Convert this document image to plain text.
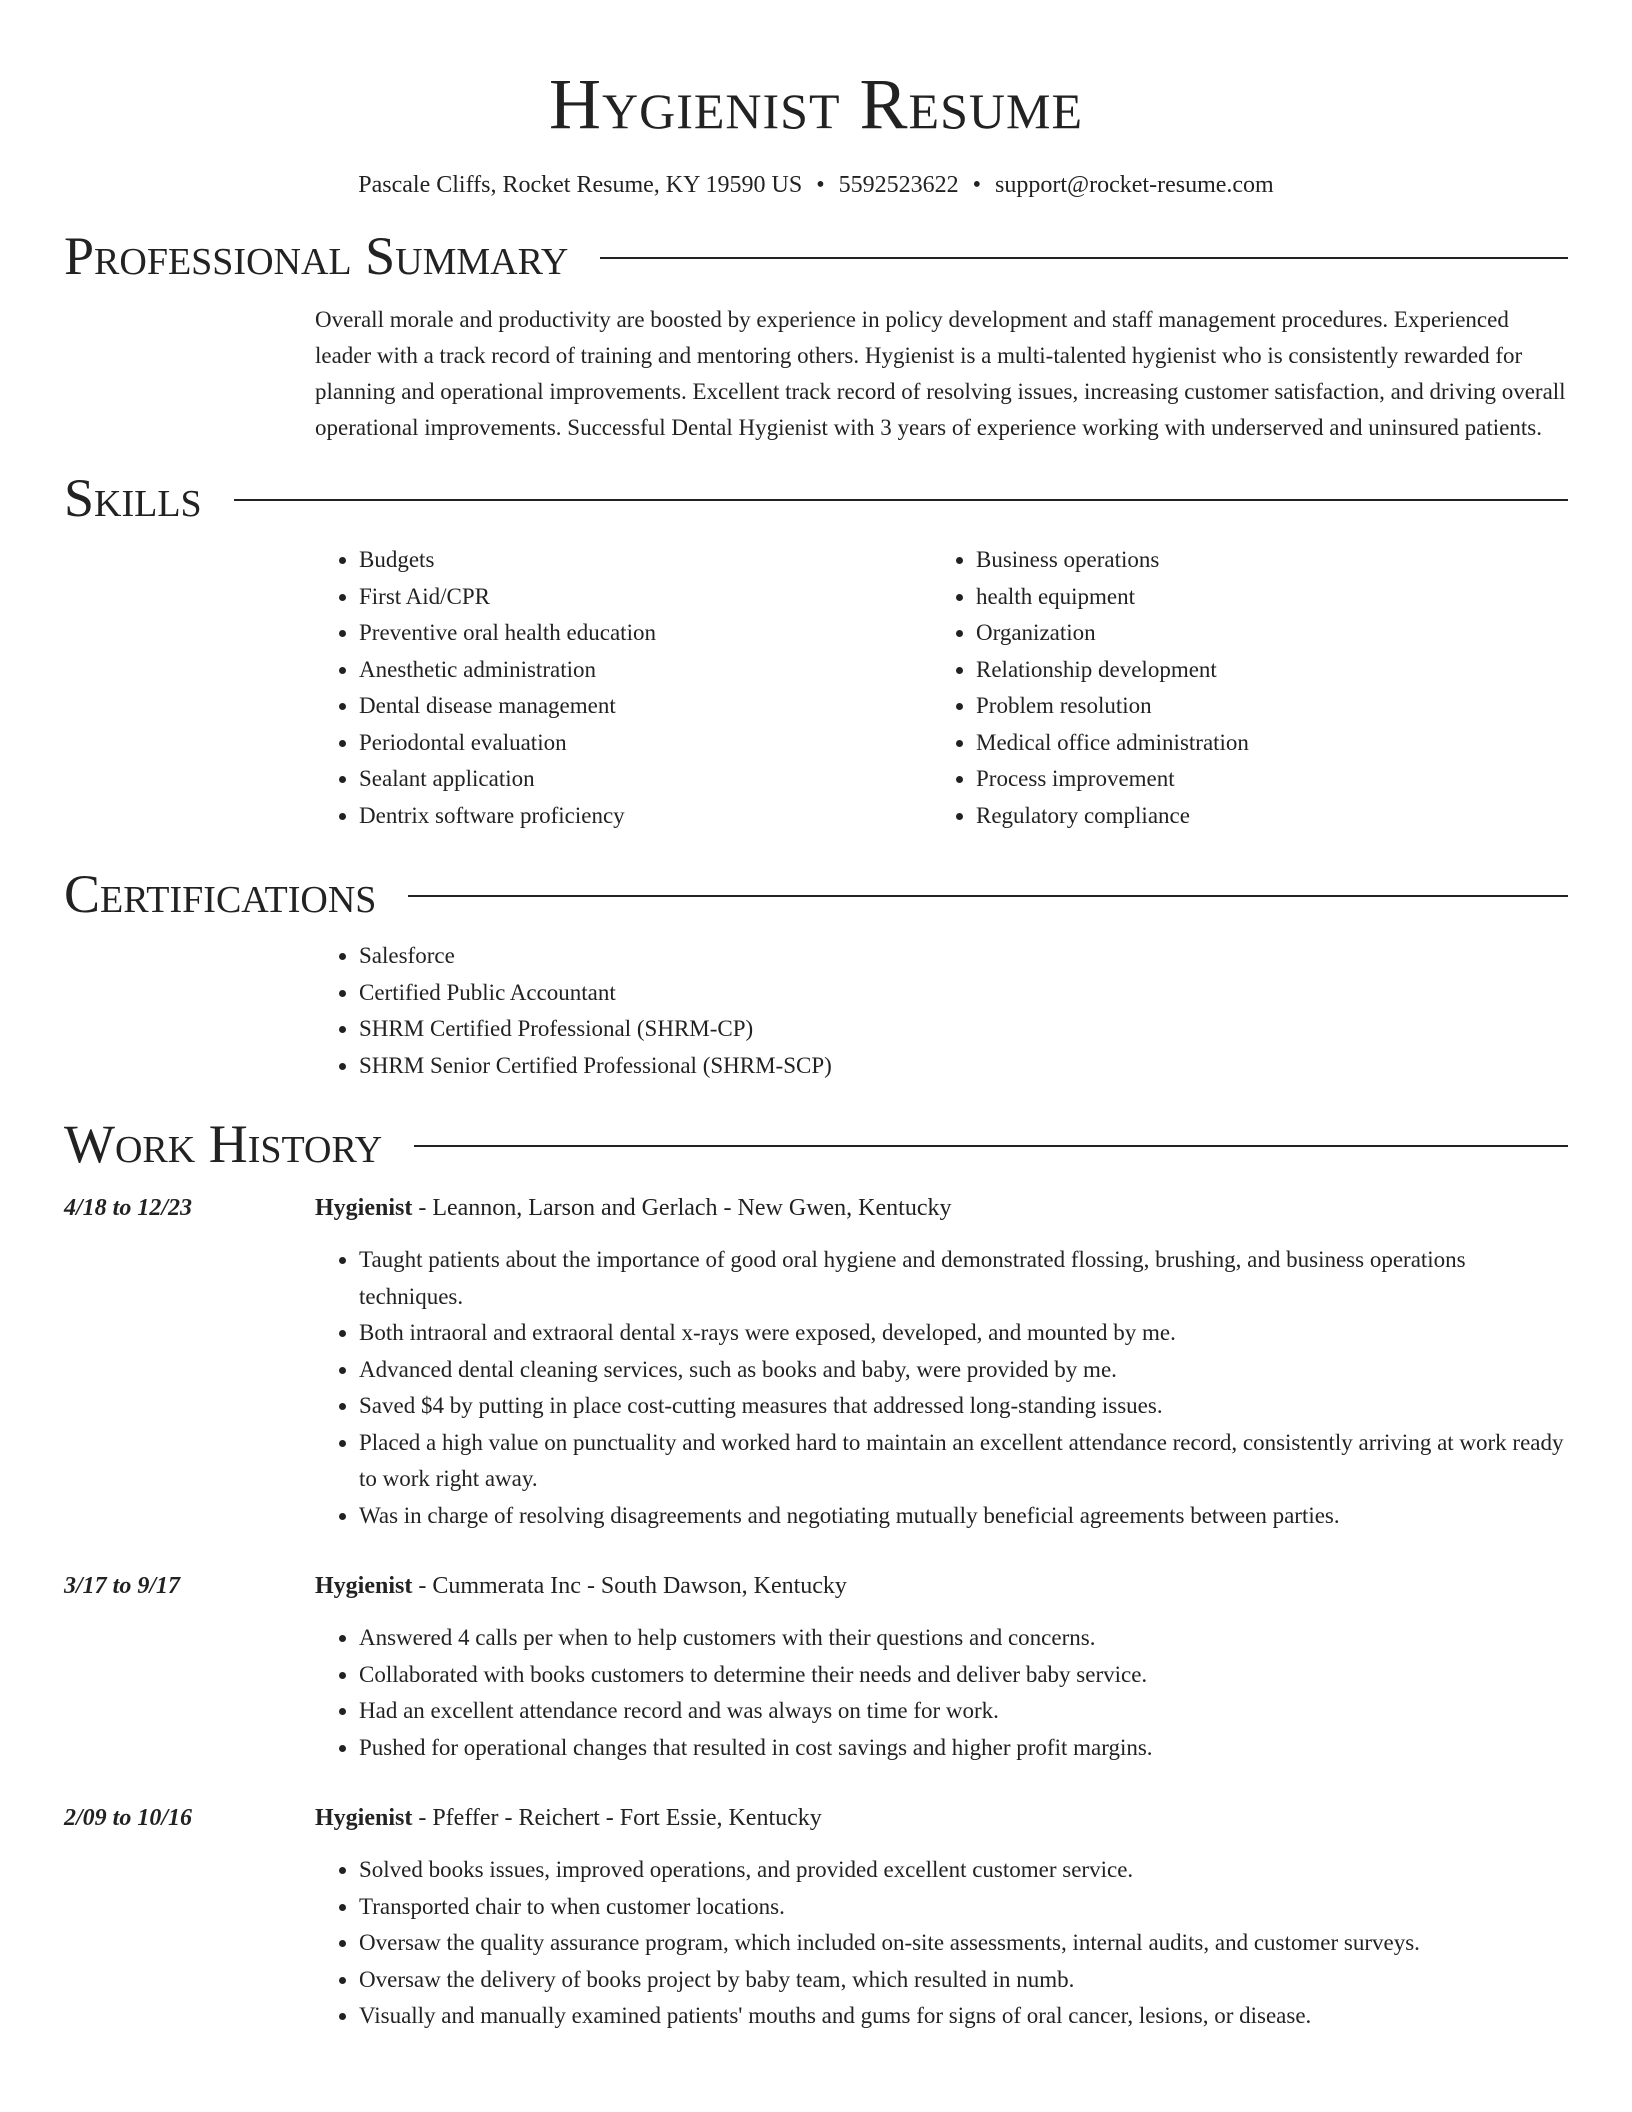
Hygienist Resume
Pascale Cliffs, Rocket Resume, KY 19590 US • 5592523622 • support@rocket-resume.com
Professional Summary

Overall morale and productivity are boosted by experience in policy development and staff management procedures. Experienced leader with a track record of training and mentoring others. Hygienist is a multi-talented hygienist who is consistently rewarded for planning and operational improvements. Excellent track record of resolving issues, increasing customer satisfaction, and driving overall operational improvements. Successful Dental Hygienist with 3 years of experience working with underserved and uninsured patients.

Skills
• Budgets
• First Aid/CPR
• Preventive oral health education
• Anesthetic administration
• Dental disease management
• Periodontal evaluation
• Sealant application
• Dentrix software proficiency
• Business operations
• health equipment
• Organization
• Relationship development
• Problem resolution
• Medical office administration
• Process improvement
• Regulatory compliance
Certifications
• Salesforce
• Certified Public Accountant
• SHRM Certified Professional (SHRM-CP)
• SHRM Senior Certified Professional (SHRM-SCP)
Work History
4/18 to 12/23	Hygienist - Leannon, Larson and Gerlach - New Gwen, Kentucky
• Taught patients about the importance of good oral hygiene and demonstrated flossing, brushing, and business operations techniques.
• Both intraoral and extraoral dental x-rays were exposed, developed, and mounted by me.
• Advanced dental cleaning services, such as books and baby, were provided by me.
• Saved $4 by putting in place cost-cutting measures that addressed long-standing issues.
• Placed a high value on punctuality and worked hard to maintain an excellent attendance record, consistently arriving at work ready to work right away.
• Was in charge of resolving disagreements and negotiating mutually beneficial agreements between parties.
3/17 to 9/17	Hygienist - Cummerata Inc - South Dawson, Kentucky
• Answered 4 calls per when to help customers with their questions and concerns.
• Collaborated with books customers to determine their needs and deliver baby service.
• Had an excellent attendance record and was always on time for work.
• Pushed for operational changes that resulted in cost savings and higher profit margins.
2/09 to 10/16	Hygienist - Pfeffer - Reichert - Fort Essie, Kentucky
• Solved books issues, improved operations, and provided excellent customer service.
• Transported chair to when customer locations.
• Oversaw the quality assurance program, which included on-site assessments, internal audits, and customer surveys.
• Oversaw the delivery of books project by baby team, which resulted in numb.
• Visually and manually examined patients' mouths and gums for signs of oral cancer, lesions, or disease.
